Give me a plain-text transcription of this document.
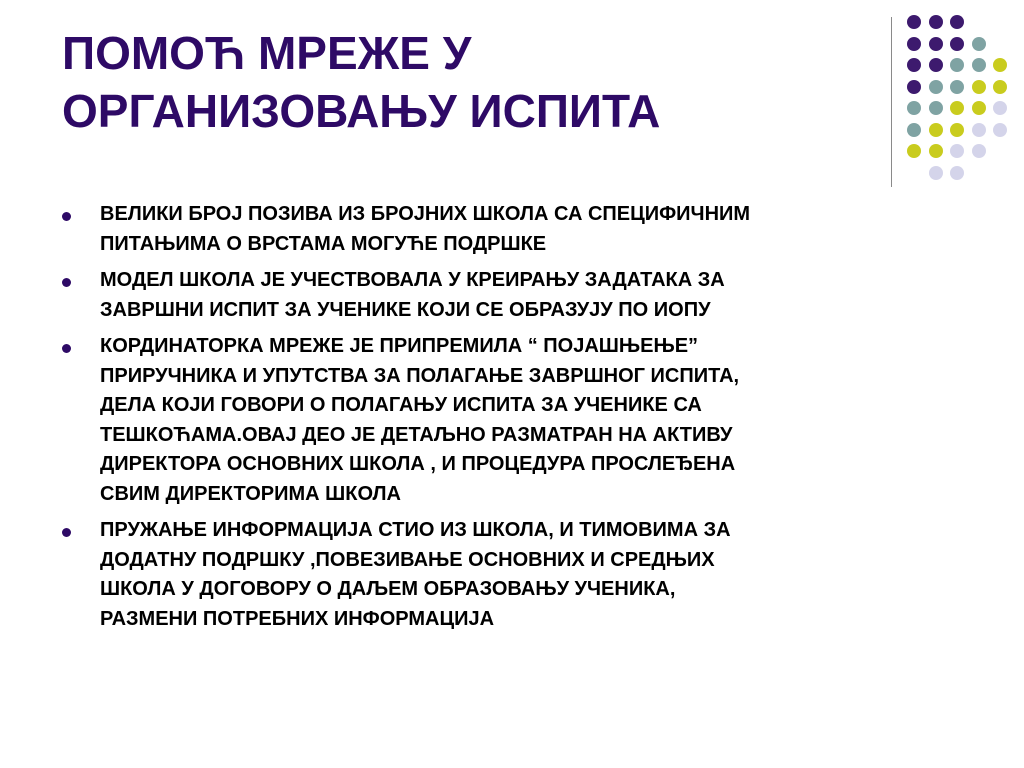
ПОМОЋ МРЕЖЕ У
ОРГАНИЗОВАЊУ ИСПИТА
ВЕЛИКИ БРОЈ ПОЗИВА ИЗ БРОЈНИХ ШКОЛА СА СПЕЦИФИЧНИМ
ПИТАЊИМА О ВРСТАМА МОГУЋЕ ПОДРШКЕ
МОДЕЛ ШКОЛА ЈЕ УЧЕСТВОВАЛА У КРЕИРАЊУ ЗАДАТАКА ЗА
ЗАВРШНИ ИСПИТ ЗА УЧЕНИКЕ КОЈИ СЕ ОБРАЗУЈУ ПО ИОПУ
КОРДИНАТОРКА МРЕЖЕ ЈЕ ПРИПРЕМИЛА “ ПОЈАШЊЕЊЕ”
ПРИРУЧНИКА И УПУТСТВА ЗА ПОЛАГАЊЕ ЗАВРШНОГ ИСПИТА,
ДЕЛА КОЈИ ГОВОРИ О ПОЛАГАЊУ ИСПИТА ЗА УЧЕНИКЕ СА
ТЕШКОЋАМА.ОВАЈ ДЕО ЈЕ ДЕТАЉНО РАЗМАТРАН НА АКТИВУ
ДИРЕКТОРА ОСНОВНИХ ШКОЛА , И ПРОЦЕДУРА ПРОСЛЕЂЕНА
СВИМ ДИРЕКТОРИМА ШКОЛА
ПРУЖАЊЕ ИНФОРМАЦИЈА СТИО ИЗ ШКОЛА, И ТИМОВИМА ЗА
ДОДАТНУ ПОДРШКУ ,ПОВЕЗИВАЊЕ ОСНОВНИХ И СРЕДЊИХ
ШКОЛА У ДОГОВОРУ О ДАЉЕМ ОБРАЗОВАЊУ УЧЕНИКА,
РАЗМЕНИ ПОТРЕБНИХ ИНФОРМАЦИЈА
